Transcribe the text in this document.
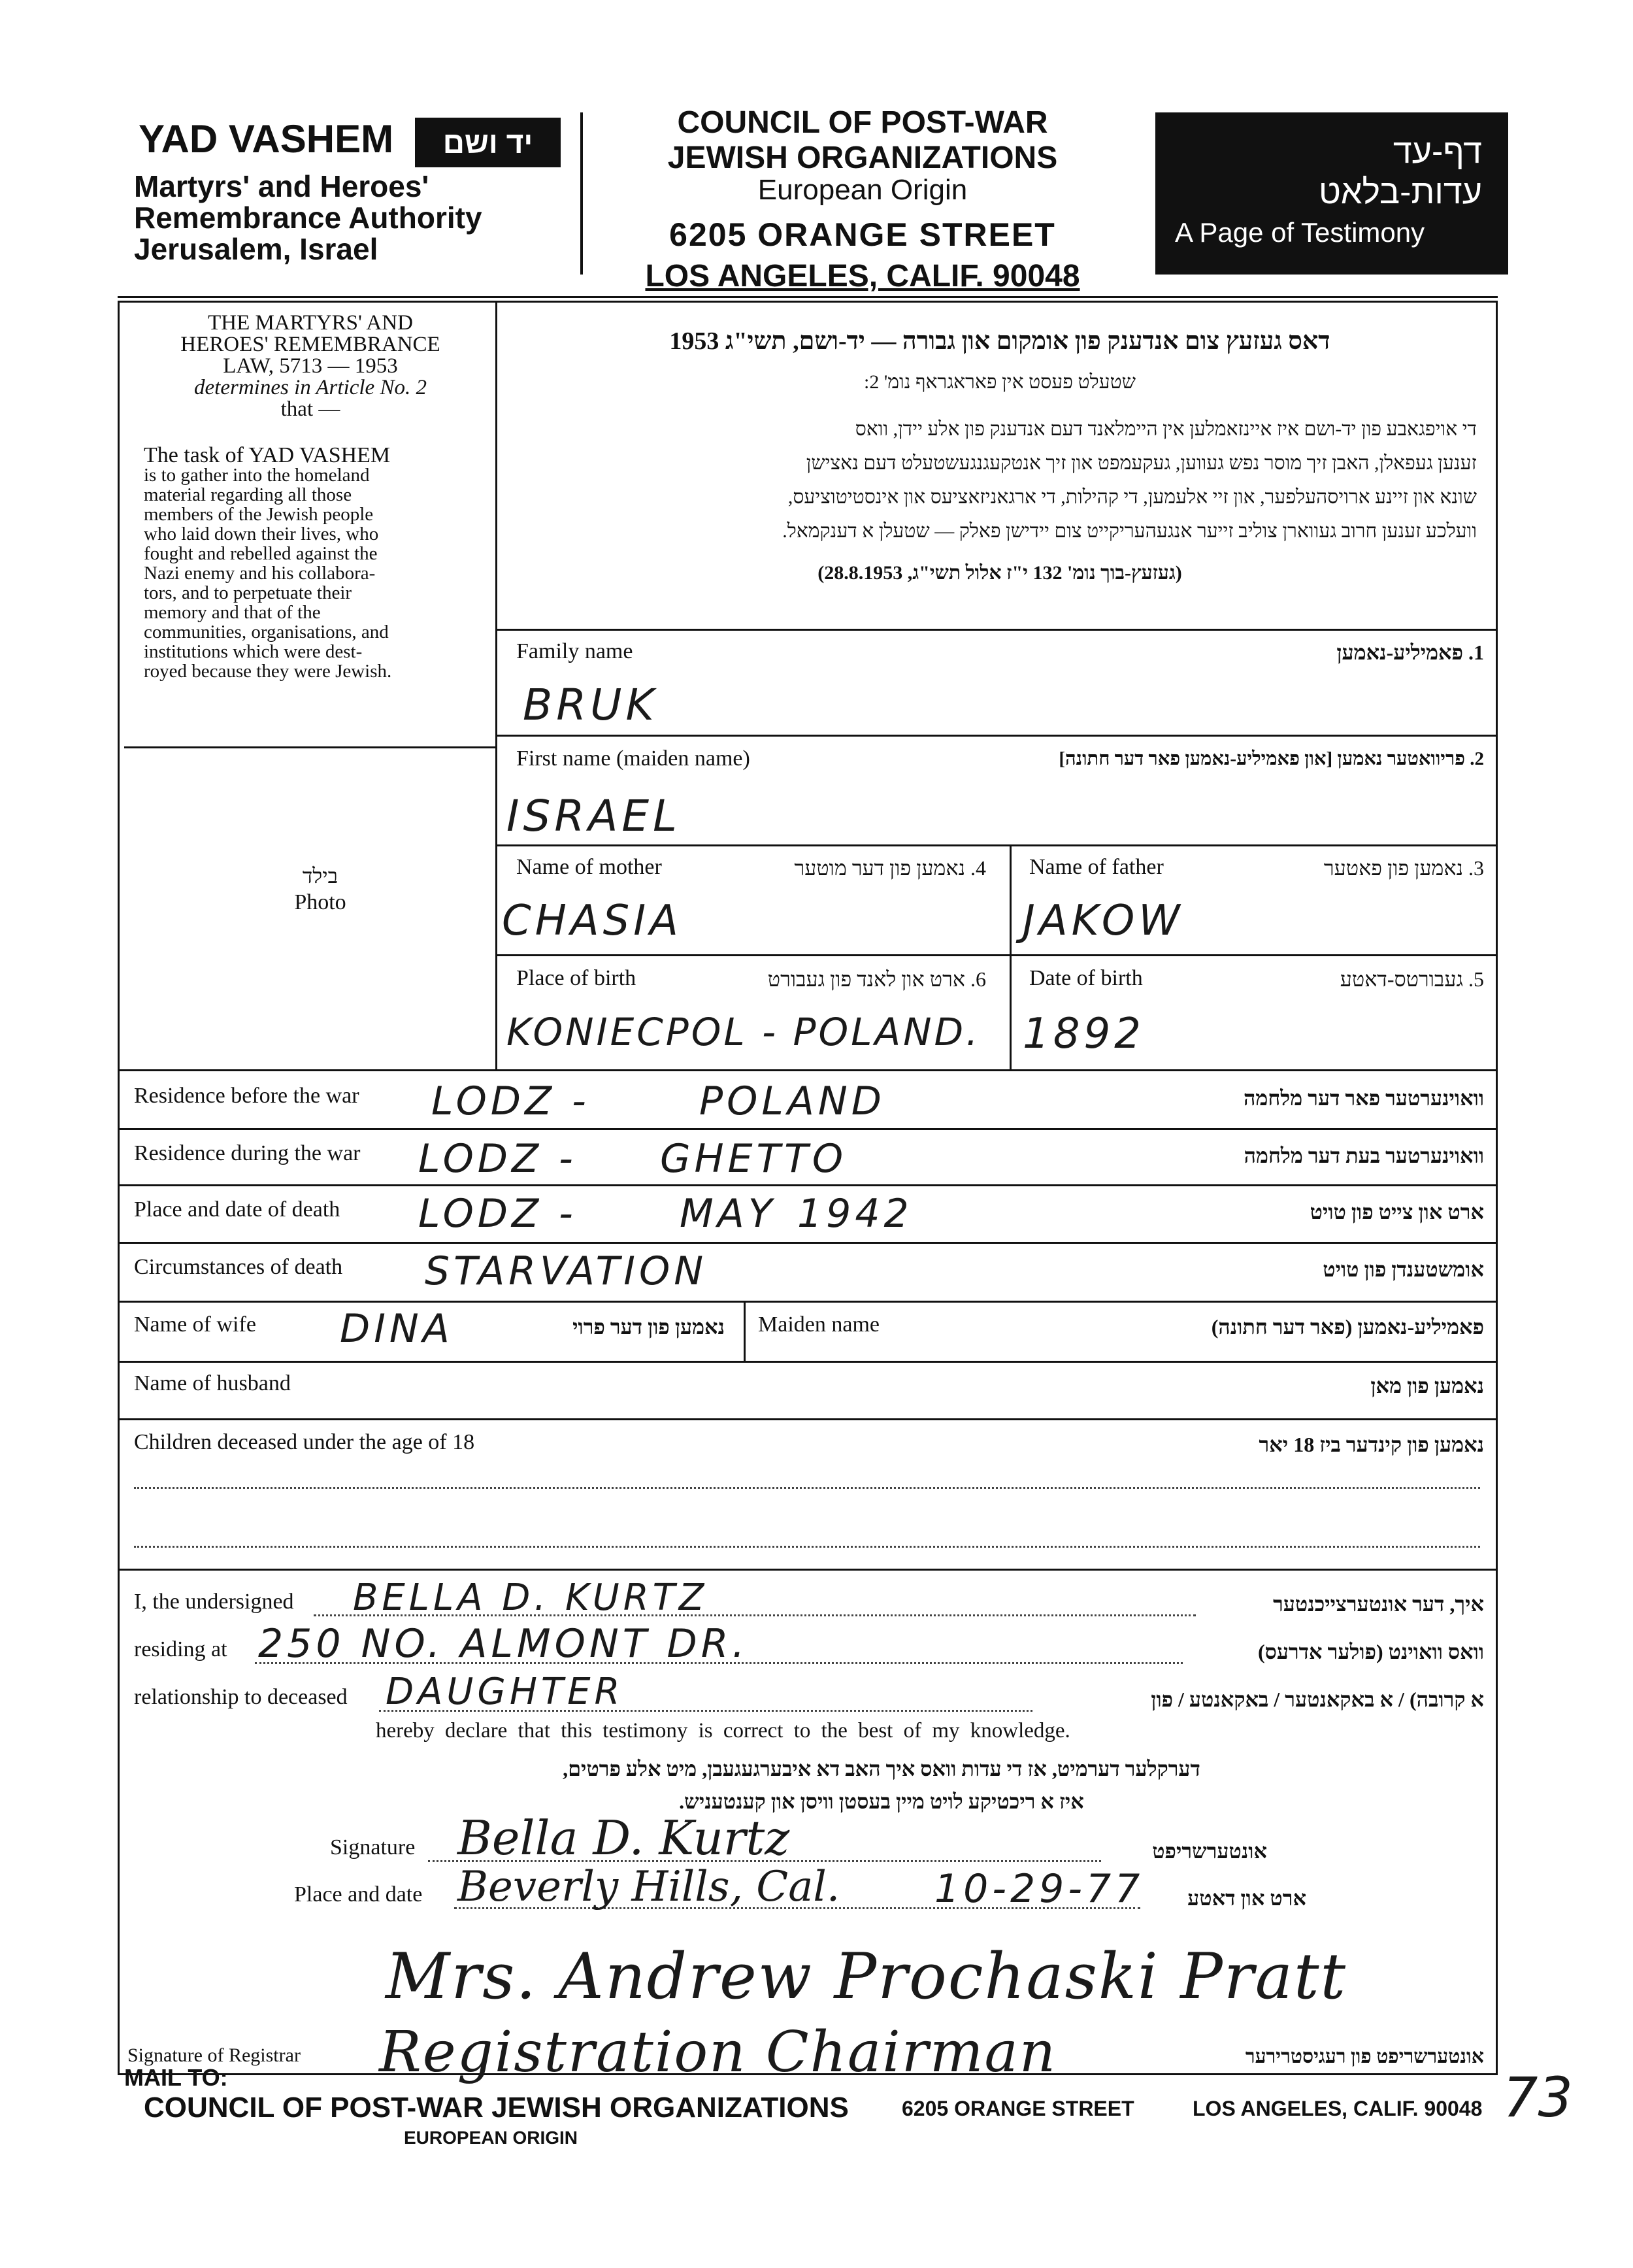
YAD VASHEM	יד ושם
Martyrs' and Heroes'
Remembrance Authority
Jerusalem, Israel
COUNCIL OF POST-WAR
JEWISH ORGANIZATIONS
European Origin
6205 ORANGE STREET
LOS ANGELES, CALIF. 90048
דף-עד
עדות-בלאט
A Page of Testimony
THE MARTYRS' AND
HEROES' REMEMBRANCE
LAW, 5713 — 1953
determines in Article No. 2
that —
The task of YAD VASHEM
is to gather into the homeland
material regarding all those
members of the Jewish people
who laid down their lives, who
fought and rebelled against the
Nazi enemy and his collabora-
tors, and to perpetuate their
memory and that of the
communities, organisations, and
institutions which were dest-
royed because they were Jewish.
בילד
Photo
דאס געזעץ צום אנדענק פון אומקום און גבורה — יד-ושם, תשי"ג 1953
שטעלט פעסט אין פאראגראף נומ' 2:
די אויפגאבע פון יד-ושם איז איינזאמלען אין היימלאנד דעם אנדענק פון אלע יידן, וואס
זענען געפאלן, האבן זיך מוסר נפש געווען, געקעמפט און זיך אנטקעגנגעשטעלט דעם נאצישן
שונא און זיינע ארויסהעלפער, און זיי אלעמען, די קהילות, די ארגאניזאציעס און אינסטיטוציעס,
וועלכע זענען חרוב געווארן צוליב זייער אנגעהעריקייט צום יידישן פאלק — שטעלן א דענקמאל.
(געזעץ-בוך נומ' 132 י"ז אלול תשי"ג, 28.8.1953)
Family name	1. פאמיליע-נאמען
BRUK
First name (maiden name)	2. פריוואטער נאמען [און פאמיליע-נאמען פאר דער חתונה]
ISRAEL
Name of mother	4. נאמען פון דער מוטער
CHASIA
Name of father	3. נאמען פון פאטער
JAKOW
Place of birth	6. ארט און לאנד פון געבורט
KONIECPOL - POLAND.
Date of birth	5. געבורטס-דאטע
1892
Residence before the war LODZ -	POLAND	וואוינערטער פאר דער מלחמה
Residence during the war LODZ - GHETTO	וואוינערטער בעת דער מלחמה
Place and date of death LODZ -	MAY 1942	ארט און צייט פון טויט
Circumstances of death STARVATION	אומשטענדן פון טויט
Name of wife DINA	נאמען פון דער פרוי Maiden name	פאמיליע-נאמען (פאר דער חתונה)
Name of husband	נאמען פון מאן
Children deceased under the age of 18	נאמען פון קינדער ביז 18 יאר
I, the undersigned BELLA D. KURTZ	איך, דער אונטערצייכנטער
residing at 250 NO. ALMONT DR.	וואס וואוינט (פולער אדרעס)
relationship to deceased DAUGHTER	א קרובה) / א באקאנטער / באקאנטע / פון
hereby declare that this testimony is correct to the best of my knowledge.
דערקלער דערמיט, אז די עדות וואס איך האב דא איבערגעגעבן, מיט אלע פרטים,
איז א ריכטיקע לויט מיין בעסטן וויסן און קענטעניש.
Signature Bella D. Kurtz	אונטערשריפט
Place and date Beverly Hills, Cal. 10-29-77 ארט און דאטע
Mrs. Andrew Prochaski Pratt
Registration Chairman
Signature of Registrar	אונטערשריפט פון רעגיסטרירער
MAIL TO:
COUNCIL OF POST-WAR JEWISH ORGANIZATIONS	6205 ORANGE STREET	LOS ANGELES, CALIF. 90048
EUROPEAN ORIGIN
73
